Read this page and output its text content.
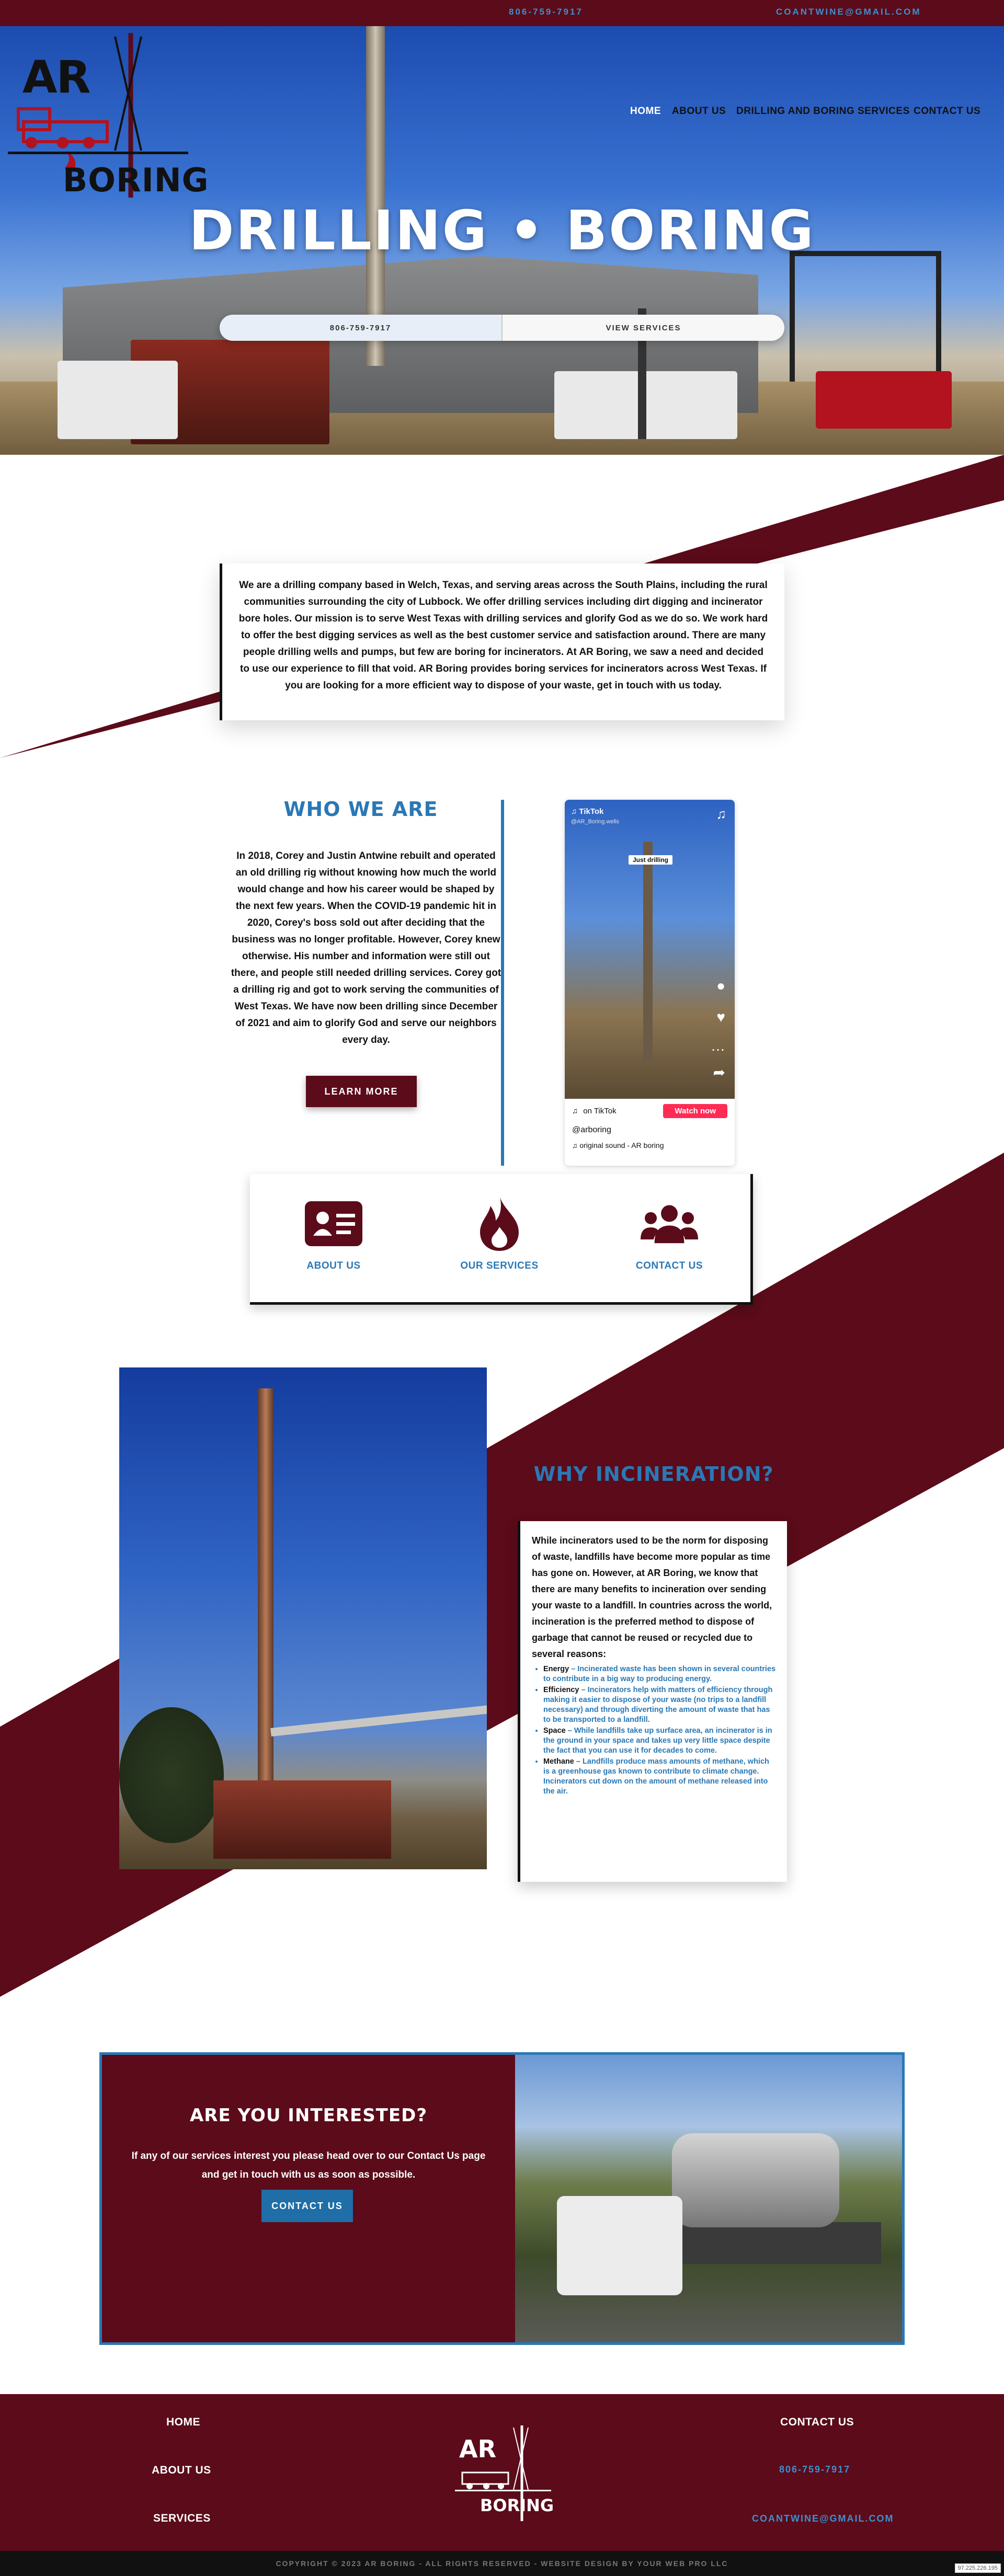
806-759-7917	COANTWINE@GMAIL.COM
DRILLING • BORING
806-759-7917	VIEW SERVICES
AR
BORING
HOME ABOUT US DRILLING AND BORING SERVICES CONTACT US

We are a drilling company based in Welch, Texas, and serving areas across the South Plains, including the rural communities surrounding the city of Lubbock. We offer drilling services including dirt digging and incinerator bore holes. Our mission is to serve West Texas with drilling services and glorify God as we do so. We work hard to offer the best digging services as well as the best customer service and satisfaction around. There are many people drilling wells and pumps, but few are boring for incinerators. At AR Boring, we saw a need and decided to use our experience to fill that void. AR Boring provides boring services for incinerators across West Texas. If you are looking for a more efficient way to dispose of your waste, get in touch with us today.

WHO WE ARE
In 2018, Corey and Justin Antwine rebuilt and operated an old drilling rig without knowing how much the world would change and how his career would be shaped by the next few years. When the COVID-19 pandemic hit in 2020, Corey's boss sold out after deciding that the business was no longer profitable. However, Corey knew otherwise. His number and information were still out there, and people still needed drilling services. Corey got a drilling rig and got to work serving the communities of West Texas. We have now been drilling since December of 2021 and aim to glorify God and serve our neighbors every day.
LEARN MORE
♫ TikTok
@AR_Boring.wells	♫
Just drilling
●
♥
…
➦
♫ on TikTok	Watch now
@arboring
♫ original sound - AR boring
ABOUT US	OUR SERVICES	CONTACT US
WHY INCINERATION?

While incinerators used to be the norm for disposing of waste, landfills have become more popular as time has gone on. However, at AR Boring, we know that there are many benefits to incineration over sending your waste to a landfill. In countries across the world, incineration is the preferred method to dispose of garbage that cannot be reused or recycled due to several reasons:

• Energy – Incinerated waste has been shown in several countries to contribute in a big way to producing energy.
• Efficiency – Incinerators help with matters of efficiency through making it easier to dispose of your waste (no trips to a landfill necessary) and through diverting the amount of waste that has to be transported to a landfill.
• Space – While landfills take up surface area, an incinerator is in the ground in your space and takes up very little space despite the fact that you can use it for decades to come.
• Methane – Landfills produce mass amounts of methane, which is a greenhouse gas known to contribute to climate change. Incinerators cut down on the amount of methane released into the air.
ARE YOU INTERESTED?
If any of our services interest you please head over to our Contact Us page and get in touch with us as soon as possible.
CONTACT US
HOME
ABOUT US
SERVICES
AR
BORING
CONTACT US
806-759-7917
COANTWINE@GMAIL.COM
COPYRIGHT © 2023 AR BORING - ALL RIGHTS RESERVED - WEBSITE DESIGN BY YOUR WEB PRO LLC
97.225.226.195
